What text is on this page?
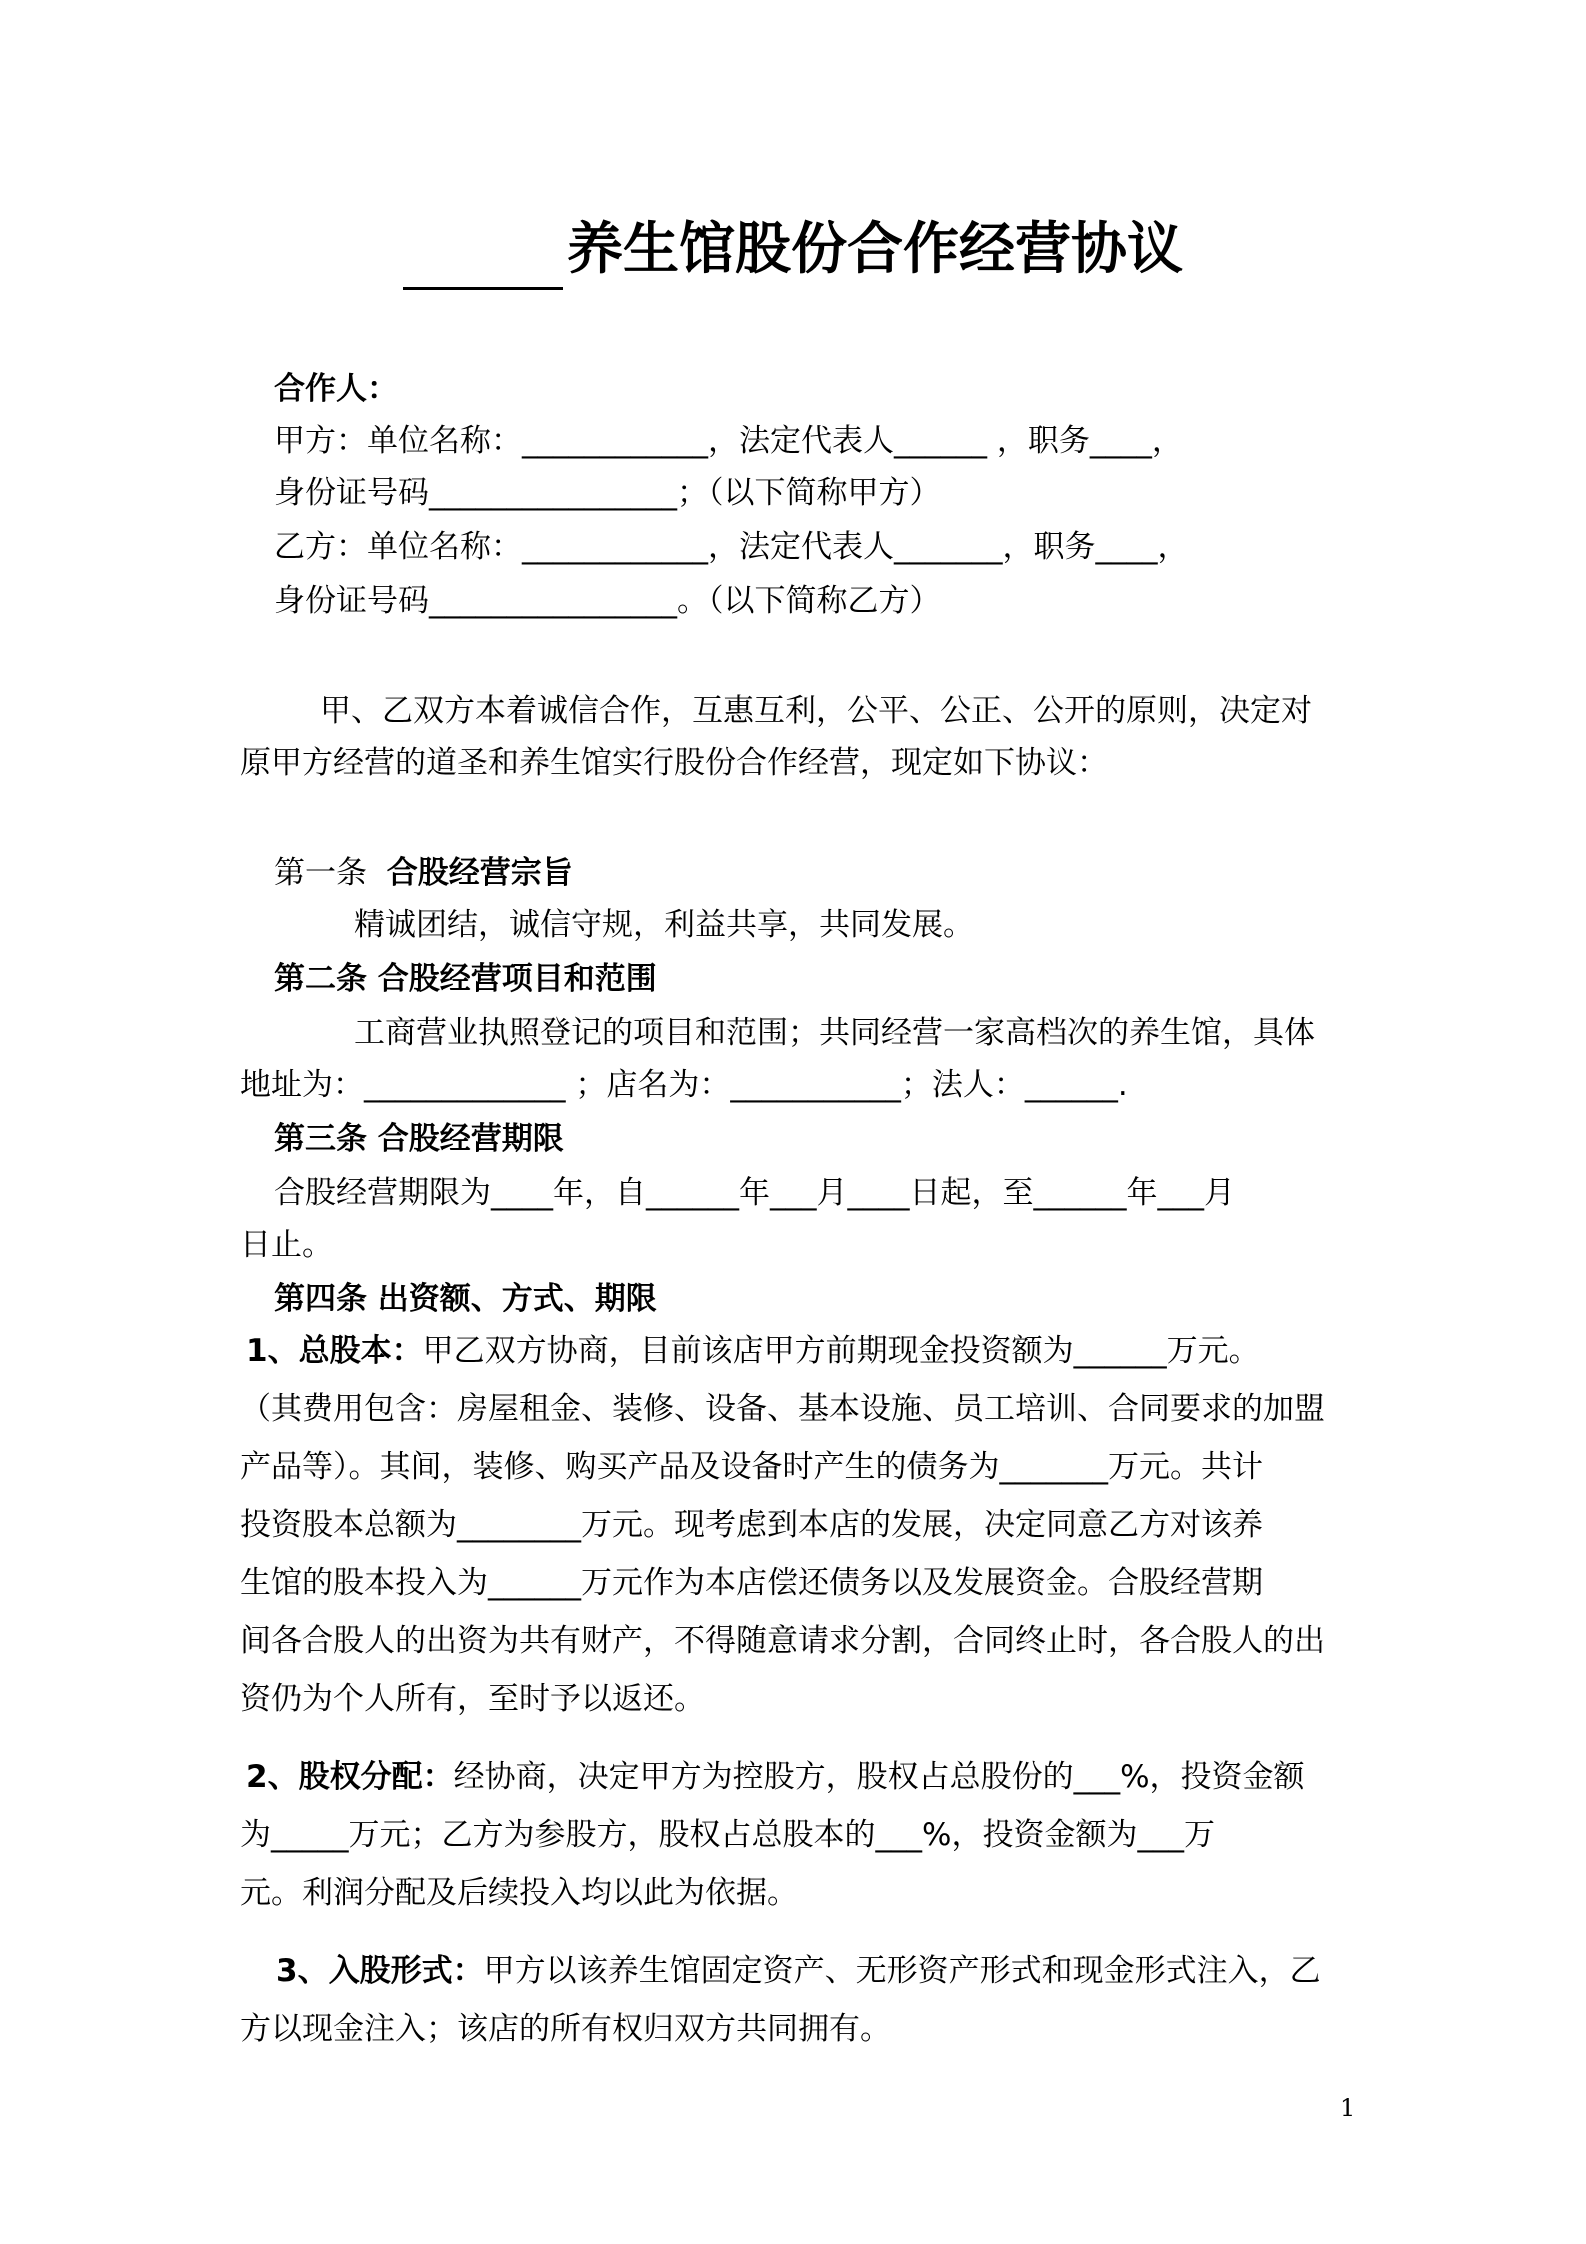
养生馆股份合作经营协议
合作人：
甲方：单位名称：____________，法定代表人______ ，职务____，
身份证号码________________；（以下简称甲方）
乙方：单位名称：____________，法定代表人_______，职务____，
身份证号码________________。（以下简称乙方）
甲、乙双方本着诚信合作，互惠互利，公平、公正、公开的原则，决定对
原甲方经营的道圣和养生馆实行股份合作经营，现定如下协议：
第一条 合股经营宗旨
精诚团结，诚信守规，利益共享，共同发展。
第二条 合股经营项目和范围
工商营业执照登记的项目和范围；共同经营一家高档次的养生馆，具体
地址为：_____________ ；店名为：___________；法人：______.
第三条 合股经营期限
合股经营期限为____年，自______年___月____日起，至______年___月
日止。
第四条 出资额、方式、期限
1、总股本：甲乙双方协商，目前该店甲方前期现金投资额为______万元。
（其费用包含：房屋租金、装修、设备、基本设施、员工培训、合同要求的加盟
产品等）。其间，装修、购买产品及设备时产生的债务为_______万元。共计
投资股本总额为________万元。现考虑到本店的发展，决定同意乙方对该养
生馆的股本投入为______万元作为本店偿还债务以及发展资金。合股经营期
间各合股人的出资为共有财产，不得随意请求分割，合同终止时，各合股人的出
资仍为个人所有，至时予以返还。
2、股权分配：经协商，决定甲方为控股方，股权占总股份的___%，投资金额
为_____万元；乙方为参股方，股权占总股本的___%，投资金额为___万
元。利润分配及后续投入均以此为依据。
3、入股形式：甲方以该养生馆固定资产、无形资产形式和现金形式注入，乙
方以现金注入；该店的所有权归双方共同拥有。
1
